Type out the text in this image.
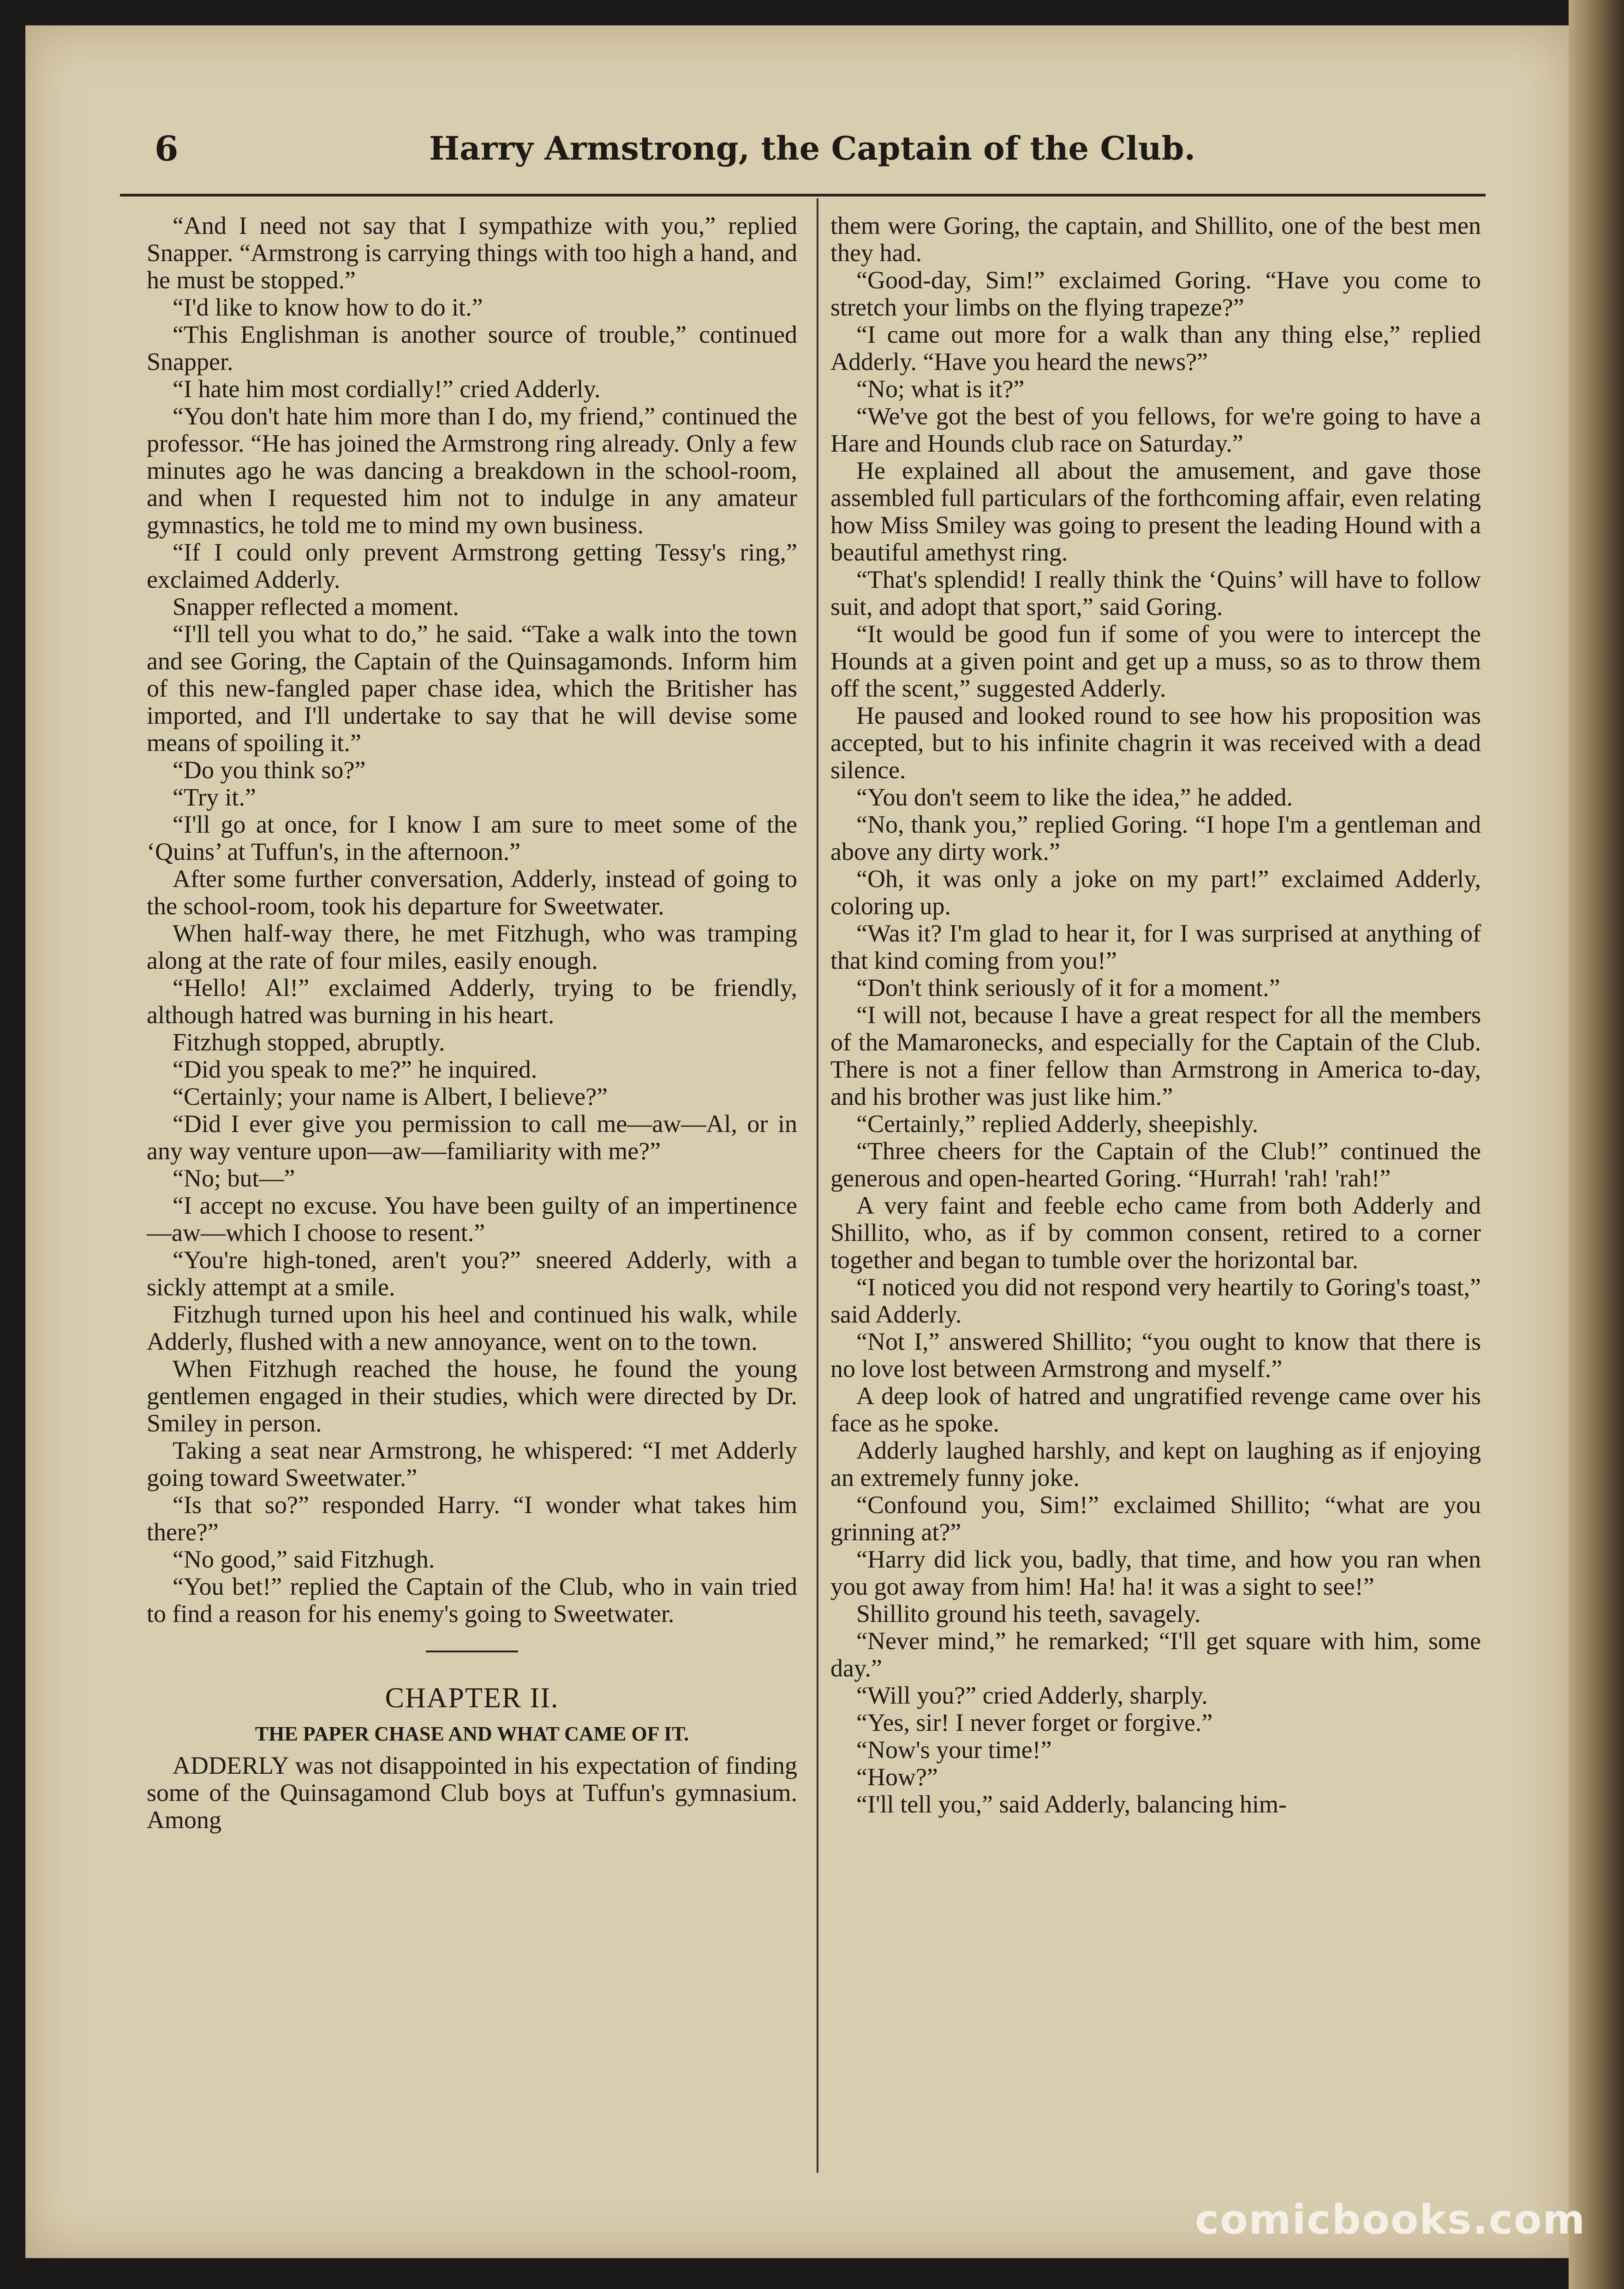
6	Harry Armstrong, the Captain of the Club.

“And I need not say that I sympathize with you,” replied Snapper. “Armstrong is carrying things with too high a hand, and he must be stopped.”

“I'd like to know how to do it.”

“This Englishman is another source of trouble,” continued Snapper.

“I hate him most cordially!” cried Adderly.

“You don't hate him more than I do, my friend,” continued the professor. “He has joined the Armstrong ring already. Only a few minutes ago he was dancing a breakdown in the school-room, and when I requested him not to indulge in any amateur gymnastics, he told me to mind my own business.

“If I could only prevent Armstrong getting Tessy's ring,” exclaimed Adderly.

Snapper reflected a moment.

“I'll tell you what to do,” he said. “Take a walk into the town and see Goring, the Captain of the Quinsagamonds. Inform him of this new-fangled paper chase idea, which the Britisher has imported, and I'll undertake to say that he will devise some means of spoiling it.”

“Do you think so?”

“Try it.”

“I'll go at once, for I know I am sure to meet some of the ‘Quins’ at Tuffun's, in the afternoon.”

After some further conversation, Adderly, instead of going to the school-room, took his departure for Sweetwater.

When half-way there, he met Fitzhugh, who was tramping along at the rate of four miles, easily enough.

“Hello! Al!” exclaimed Adderly, trying to be friendly, although hatred was burning in his heart.

Fitzhugh stopped, abruptly.

“Did you speak to me?” he inquired.

“Certainly; your name is Albert, I believe?”

“Did I ever give you permission to call me—aw—Al, or in any way venture upon—aw—familiarity with me?”

“No; but—”

“I accept no excuse. You have been guilty of an impertinence—aw—which I choose to resent.”

“You're high-toned, aren't you?” sneered Adderly, with a sickly attempt at a smile.

Fitzhugh turned upon his heel and continued his walk, while Adderly, flushed with a new annoyance, went on to the town.

When Fitzhugh reached the house, he found the young gentlemen engaged in their studies, which were directed by Dr. Smiley in person.

Taking a seat near Armstrong, he whispered: “I met Adderly going toward Sweetwater.”

“Is that so?” responded Harry. “I wonder what takes him there?”

“No good,” said Fitzhugh.

“You bet!” replied the Captain of the Club, who in vain tried to find a reason for his enemy's going to Sweetwater.

CHAPTER II.

THE PAPER CHASE AND WHAT CAME OF IT.

ADDERLY was not disappointed in his expectation of finding some of the Quinsagamond Club boys at Tuffun's gymnasium. Among

them were Goring, the captain, and Shillito, one of the best men they had.

“Good-day, Sim!” exclaimed Goring. “Have you come to stretch your limbs on the flying trapeze?”

“I came out more for a walk than any thing else,” replied Adderly. “Have you heard the news?”

“No; what is it?”

“We've got the best of you fellows, for we're going to have a Hare and Hounds club race on Saturday.”

He explained all about the amusement, and gave those assembled full particulars of the forthcoming affair, even relating how Miss Smiley was going to present the leading Hound with a beautiful amethyst ring.

“That's splendid! I really think the ‘Quins’ will have to follow suit, and adopt that sport,” said Goring.

“It would be good fun if some of you were to intercept the Hounds at a given point and get up a muss, so as to throw them off the scent,” suggested Adderly.

He paused and looked round to see how his proposition was accepted, but to his infinite chagrin it was received with a dead silence.

“You don't seem to like the idea,” he added.

“No, thank you,” replied Goring. “I hope I'm a gentleman and above any dirty work.”

“Oh, it was only a joke on my part!” exclaimed Adderly, coloring up.

“Was it? I'm glad to hear it, for I was surprised at anything of that kind coming from you!”

“Don't think seriously of it for a moment.”

“I will not, because I have a great respect for all the members of the Mamaronecks, and especially for the Captain of the Club. There is not a finer fellow than Armstrong in America to-day, and his brother was just like him.”

“Certainly,” replied Adderly, sheepishly.

“Three cheers for the Captain of the Club!” continued the generous and open-hearted Goring. “Hurrah! 'rah! 'rah!”

A very faint and feeble echo came from both Adderly and Shillito, who, as if by common consent, retired to a corner together and began to tumble over the horizontal bar.

“I noticed you did not respond very heartily to Goring's toast,” said Adderly.

“Not I,” answered Shillito; “you ought to know that there is no love lost between Armstrong and myself.”

A deep look of hatred and ungratified revenge came over his face as he spoke.

Adderly laughed harshly, and kept on laughing as if enjoying an extremely funny joke.

“Confound you, Sim!” exclaimed Shillito; “what are you grinning at?”

“Harry did lick you, badly, that time, and how you ran when you got away from him! Ha! ha! it was a sight to see!”

Shillito ground his teeth, savagely.

“Never mind,” he remarked; “I'll get square with him, some day.”

“Will you?” cried Adderly, sharply.

“Yes, sir! I never forget or forgive.”

“Now's your time!”

“How?”

“I'll tell you,” said Adderly, balancing him-

comicbooks.com
